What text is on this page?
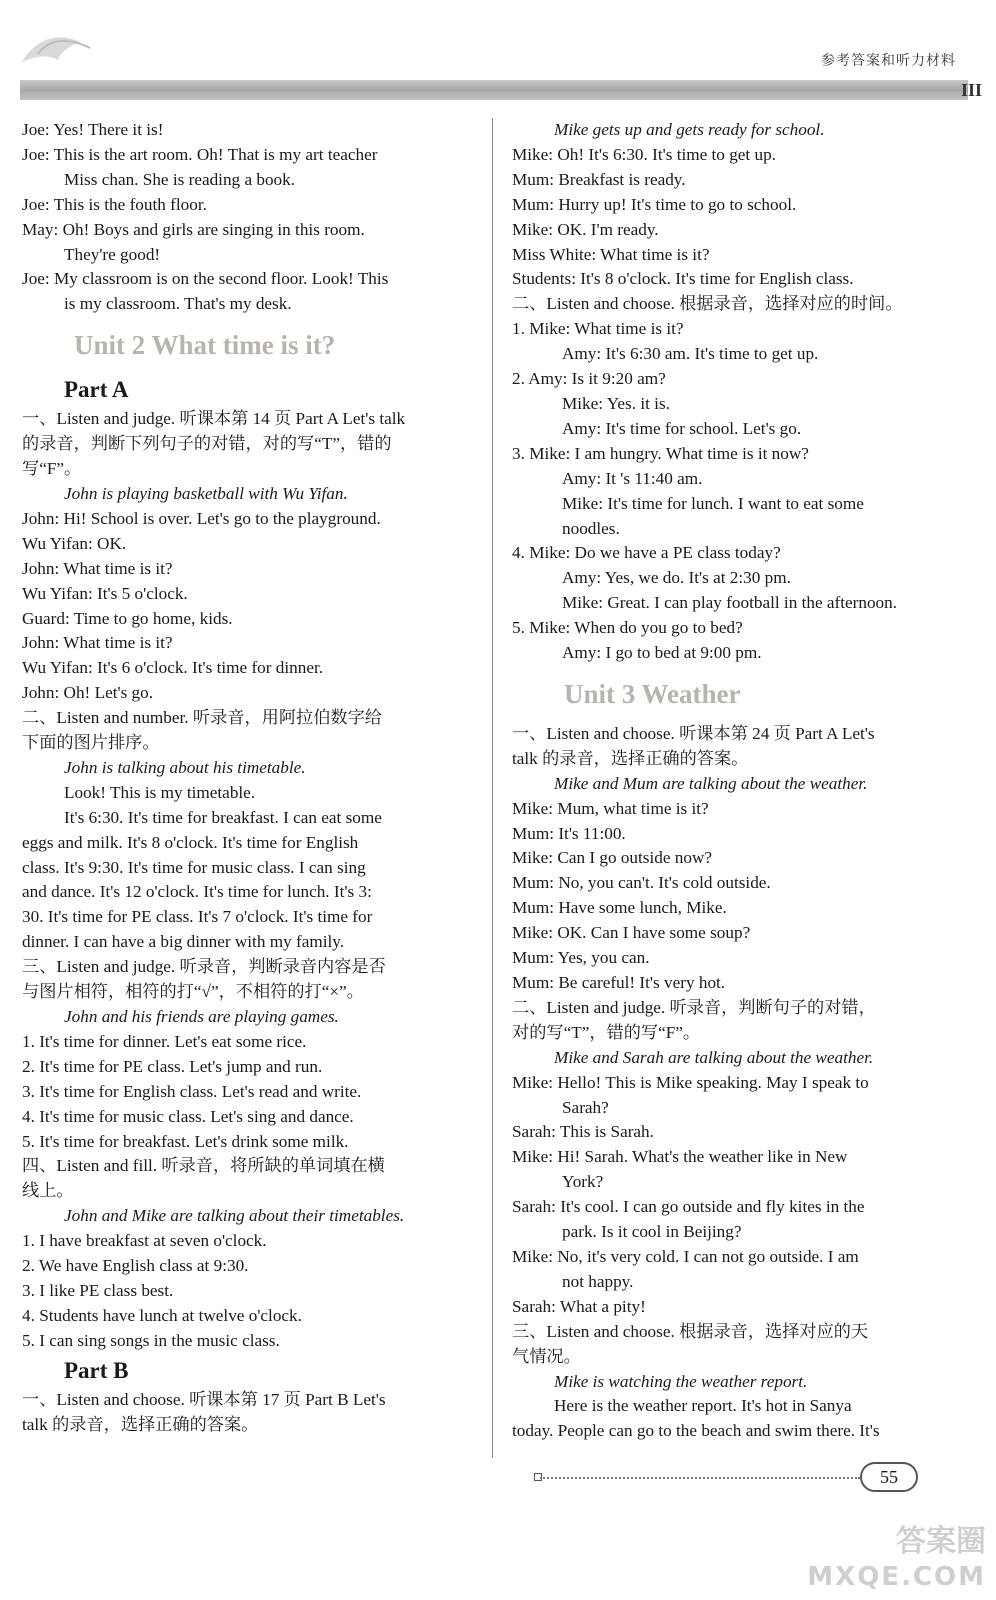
参考答案和听力材料
III
Joe: Yes! There it is!
Joe: This is the art room. Oh! That is my art teacher
Miss chan. She is reading a book.
Joe: This is the fouth floor.
May: Oh! Boys and girls are singing in this room.
They're good!
Joe: My classroom is on the second floor. Look! This
is my classroom. That's my desk.
Unit 2 What time is it?
Part A
一、Listen and judge. 听课本第 14 页 Part A Let's talk
的录音，判断下列句子的对错，对的写“T”，错的
写“F”。
John is playing basketball with Wu Yifan.
John: Hi! School is over. Let's go to the playground.
Wu Yifan: OK.
John: What time is it?
Wu Yifan: It's 5 o'clock.
Guard: Time to go home, kids.
John: What time is it?
Wu Yifan: It's 6 o'clock. It's time for dinner.
John: Oh! Let's go.
二、Listen and number. 听录音，用阿拉伯数字给
下面的图片排序。
John is talking about his timetable.
Look! This is my timetable.
It's 6:30. It's time for breakfast. I can eat some
eggs and milk. It's 8 o'clock. It's time for English
class. It's 9:30. It's time for music class. I can sing
and dance. It's 12 o'clock. It's time for lunch. It's 3:
30. It's time for PE class. It's 7 o'clock. It's time for
dinner. I can have a big dinner with my family.
三、Listen and judge. 听录音，判断录音内容是否
与图片相符，相符的打“√”，不相符的打“×”。
John and his friends are playing games.
1. It's time for dinner. Let's eat some rice.
2. It's time for PE class. Let's jump and run.
3. It's time for English class. Let's read and write.
4. It's time for music class. Let's sing and dance.
5. It's time for breakfast. Let's drink some milk.
四、Listen and fill. 听录音，将所缺的单词填在横
线上。
John and Mike are talking about their timetables.
1. I have breakfast at seven o'clock.
2. We have English class at 9:30.
3. I like PE class best.
4. Students have lunch at twelve o'clock.
5. I can sing songs in the music class.
Part B
一、Listen and choose. 听课本第 17 页 Part B Let's
talk 的录音，选择正确的答案。
Mike gets up and gets ready for school.
Mike: Oh! It's 6:30. It's time to get up.
Mum: Breakfast is ready.
Mum: Hurry up! It's time to go to school.
Mike: OK. I'm ready.
Miss White: What time is it?
Students: It's 8 o'clock. It's time for English class.
二、Listen and choose. 根据录音，选择对应的时间。
1. Mike: What time is it?
Amy: It's 6:30 am. It's time to get up.
2. Amy: Is it 9:20 am?
Mike: Yes. it is.
Amy: It's time for school. Let's go.
3. Mike: I am hungry. What time is it now?
Amy: It 's 11:40 am.
Mike: It's time for lunch. I want to eat some
noodles.
4. Mike: Do we have a PE class today?
Amy: Yes, we do. It's at 2:30 pm.
Mike: Great. I can play football in the afternoon.
5. Mike: When do you go to bed?
Amy: I go to bed at 9:00 pm.
Unit 3 Weather
一、Listen and choose. 听课本第 24 页 Part A Let's
talk 的录音，选择正确的答案。
Mike and Mum are talking about the weather.
Mike: Mum, what time is it?
Mum: It's 11:00.
Mike: Can I go outside now?
Mum: No, you can't. It's cold outside.
Mum: Have some lunch, Mike.
Mike: OK. Can I have some soup?
Mum: Yes, you can.
Mum: Be careful! It's very hot.
二、Listen and judge. 听录音，判断句子的对错，
对的写“T”，错的写“F”。
Mike and Sarah are talking about the weather.
Mike: Hello! This is Mike speaking. May I speak to
Sarah?
Sarah: This is Sarah.
Mike: Hi! Sarah. What's the weather like in New
York?
Sarah: It's cool. I can go outside and fly kites in the
park. Is it cool in Beijing?
Mike: No, it's very cold. I can not go outside. I am
not happy.
Sarah: What a pity!
三、Listen and choose. 根据录音，选择对应的天
气情况。
Mike is watching the weather report.
Here is the weather report. It's hot in Sanya
today. People can go to the beach and swim there. It's
55
答案圈
MXQE.COM
